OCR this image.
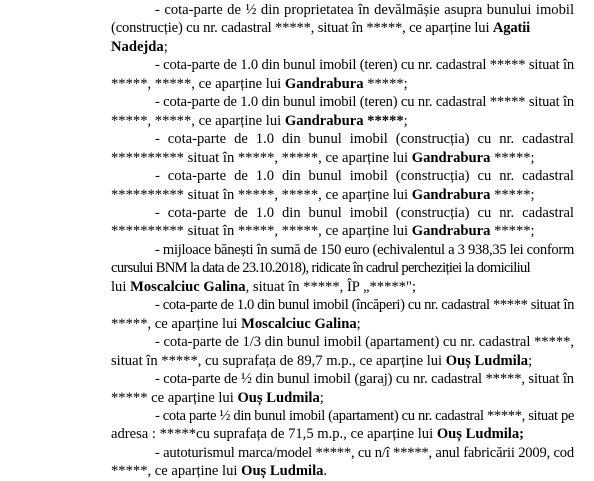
- cota-parte de ½ din proprietatea în devălmășie asupra bunului imobil
(construcție) cu nr. cadastral *****, situat în *****, ce aparține lui Agatii
Nadejda;
- cota-parte de 1.0 din bunul imobil (teren) cu nr. cadastral ***** situat în
*****, *****, ce aparține lui Gandrabura *****;
- cota-parte de 1.0 din bunul imobil (teren) cu nr. cadastral ***** situat în
*****, *****, ce aparține lui Gandrabura *****;
- cota-parte de 1.0 din bunul imobil (construcția) cu nr. cadastral
********** situat în *****, *****, ce aparține lui Gandrabura *****;
- cota-parte de 1.0 din bunul imobil (construcția) cu nr. cadastral
********** situat în *****, *****, ce aparține lui Gandrabura *****;
- cota-parte de 1.0 din bunul imobil (construcția) cu nr. cadastral
********** situat în *****, *****, ce aparține lui Gandrabura *****;
- mijloace bănești în sumă de 150 euro (echivalentul a 3 938,35 lei conform
cursului BNM la data de 23.10.2018), ridicate în cadrul percheziției la domiciliul
lui Moscalciuc Galina, situat în *****, ÎP „*****";
- cota-parte de 1.0 din bunul imobil (încăperi) cu nr. cadastral ***** situat în
*****, ce aparține lui Moscalciuc Galina;
- cota-parte de 1/3 din bunul imobil (apartament) cu nr. cadastral *****,
situat în *****, cu suprafața de 89,7 m.p., ce aparține lui Ouș Ludmila;
- cota-parte de ½ din bunul imobil (garaj) cu nr. cadastral *****, situat în
***** ce aparține lui Ouș Ludmila;
- cota parte ½ din bunul imobil (apartament) cu nr. cadastral *****, situat pe
adresa : *****cu suprafața de 71,5 m.p., ce aparține lui Ouș Ludmila;
- autoturismul marca/model *****, cu n/î *****, anul fabricării 2009, cod
*****, ce aparține lui Ouș Ludmila.
